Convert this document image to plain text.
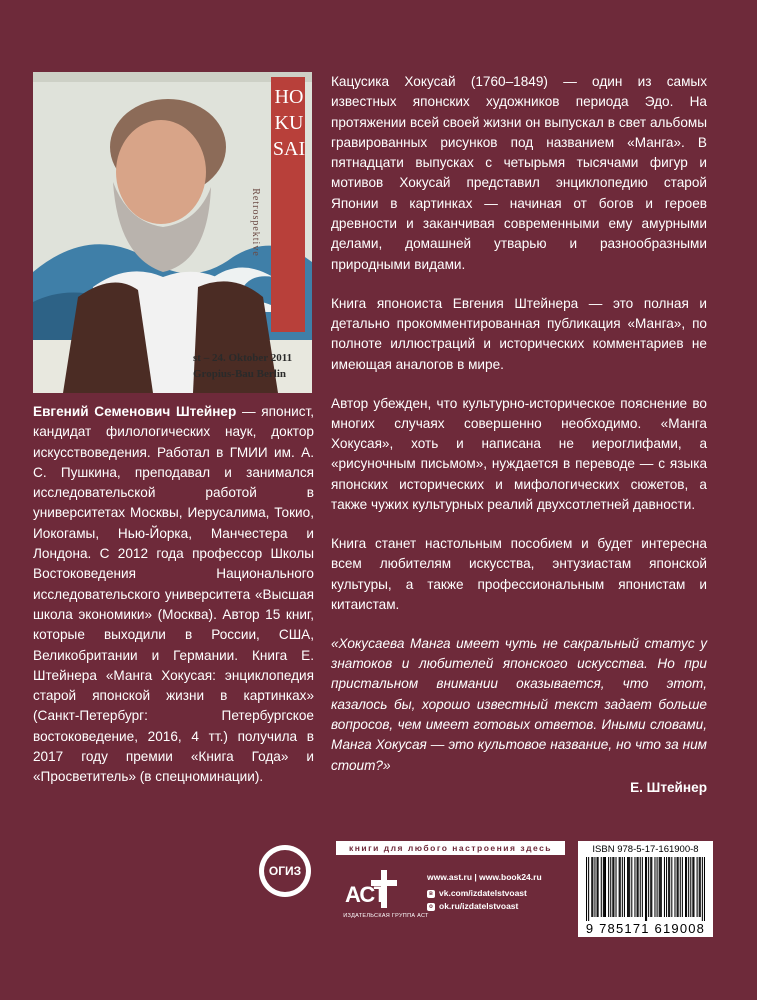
HOKUSAI
Retrospektive
st – 24. Oktober 2011
Gropius-Bau Berlin
Евгений Семенович Штейнер — японист, кандидат филологических наук, доктор искусствоведения. Работал в ГМИИ им. А. С. Пушкина, преподавал и занимался исследовательской работой в университетах Москвы, Иерусалима, Токио, Иокогамы, Нью-Йорка, Манчестера и Лондона. С 2012 года профессор Школы Востоковедения Национального исследовательского университета «Высшая школа экономики» (Москва). Автор 15 книг, которые выходили в России, США, Великобритании и Германии. Книга Е. Штейнера «Манга Хокусая: энциклопедия старой японской жизни в картинках» (Санкт-Петербург: Петербургское востоковедение, 2016, 4 тт.) получила в 2017 году премии «Книга Года» и «Просветитель» (в спецноминации).

Кацусика Хокусай (1760–1849) — один из самых известных японских художников периода Эдо. На протяжении всей своей жизни он выпускал в свет альбомы гравированных рисунков под названием «Манга». В пятнадцати выпусках с четырьмя тысячами фигур и мотивов Хокусай представил энциклопедию старой Японии в картинках — начиная от богов и героев древности и заканчивая современными ему амурными делами, домашней утварью и разнообразными природными видами.

Книга японоиста Евгения Штейнера — это полная и детально прокомментированная публикация «Манга», по полноте иллюстраций и исторических комментариев не имеющая аналогов в мире.

Автор убежден, что культурно-историческое пояснение во многих случаях совершенно необходимо. «Манга Хокусая», хоть и написана не иероглифами, а «рисуночным письмом», нуждается в переводе — с языка японских исторических и мифологических сюжетов, а также чужих культурных реалий двухсотлетней давности.

Книга станет настольным пособием и будет интересна всем любителям искусства, энтузиастам японской культуры, а также профессиональным японистам и китаистам.

«Хокусаева Манга имеет чуть не сакральный статус у знатоков и любителей японского искусства. Но при пристальном внимании оказывается, что этот, казалось бы, хорошо известный текст задает больше вопросов, чем имеет готовых ответов. Иными словами, Манга Хокусая — это культовое название, но что за ним стоит?»
Е. Штейнер
книги для любого настроения здесь
ОГИЗ
АСТ
ИЗДАТЕЛЬСКАЯ ГРУППА АСТ
www.ast.ru | www.book24.ru
в vk.com/izdatelstvoast
о ok.ru/izdatelstvoast
ISBN 978-5-17-161900-8
9 785171 619008
